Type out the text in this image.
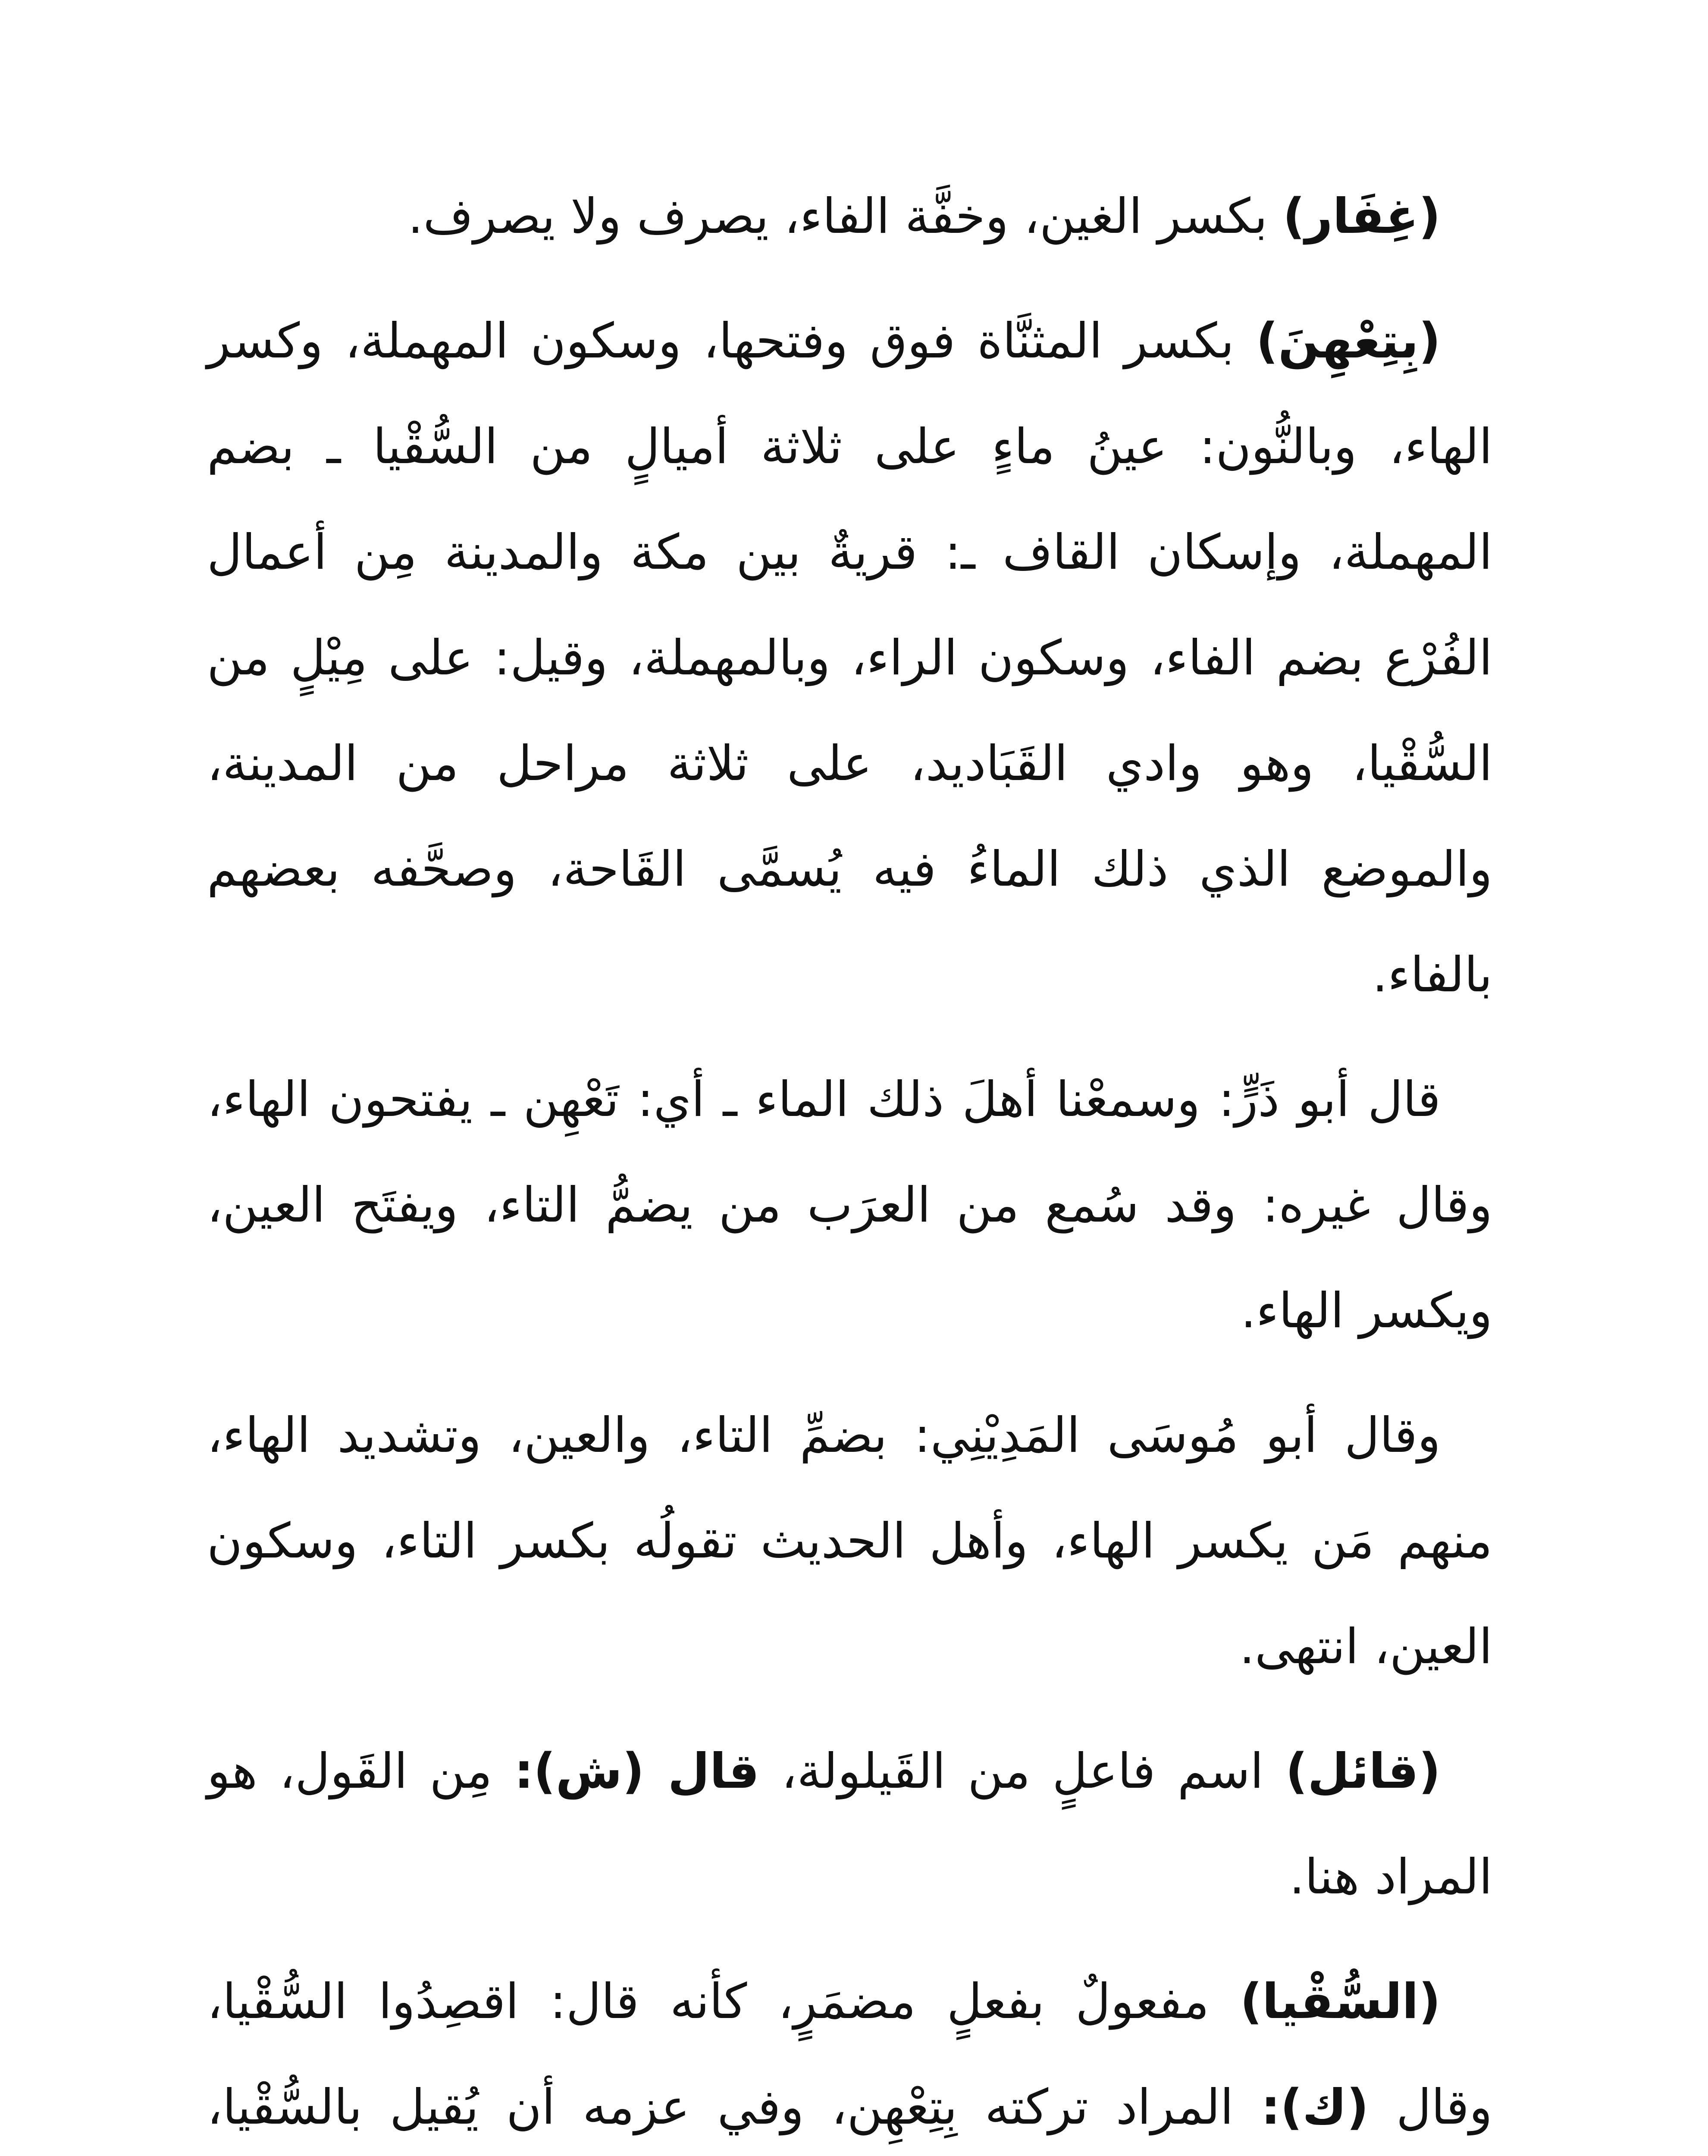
(غِفَار) بكسر الغين، وخفَّة الفاء، يصرف ولا يصرف.

(بِتِعْهِنَ) بكسر المثنَّاة فوق وفتحها، وسكون المهملة، وكسر الهاء، وبالنُّون: عينُ ماءٍ على ثلاثة أميالٍ من السُّقْيا ـ بضم المهملة، وإسكان القاف ـ: قريةٌ بين مكة والمدينة مِن أعمال الفُرْع بضم الفاء، وسكون الراء، وبالمهملة، وقيل: على مِيْلٍ من السُّقْيا، وهو وادي القَبَاديد، على ثلاثة مراحل من المدينة، والموضع الذي ذلك الماءُ فيه يُسمَّى القَاحة، وصحَّفه بعضهم بالفاء.

قال أبو ذَرٍّ: وسمعْنا أهلَ ذلك الماء ـ أي: تَعْهِن ـ يفتحون الهاء، وقال غيره: وقد سُمع من العرَب من يضمُّ التاء، ويفتَح العين، ويكسر الهاء.

وقال أبو مُوسَى المَدِيْنِي: بضمِّ التاء، والعين، وتشديد الهاء، منهم مَن يكسر الهاء، وأهل الحديث تقولُه بكسر التاء، وسكون العين، انتهى.

(قائل) اسم فاعلٍ من القَيلولة، قال (ش): مِن القَول، هو المراد هنا.

(السُّقْيا) مفعولٌ بفعلٍ مضمَرٍ، كأنه قال: اقصِدُوا السُّقْيا، وقال (ك): المراد تركته بِتِعْهِن، وفي عزمه أن يُقيل بالسُّقْيا،
